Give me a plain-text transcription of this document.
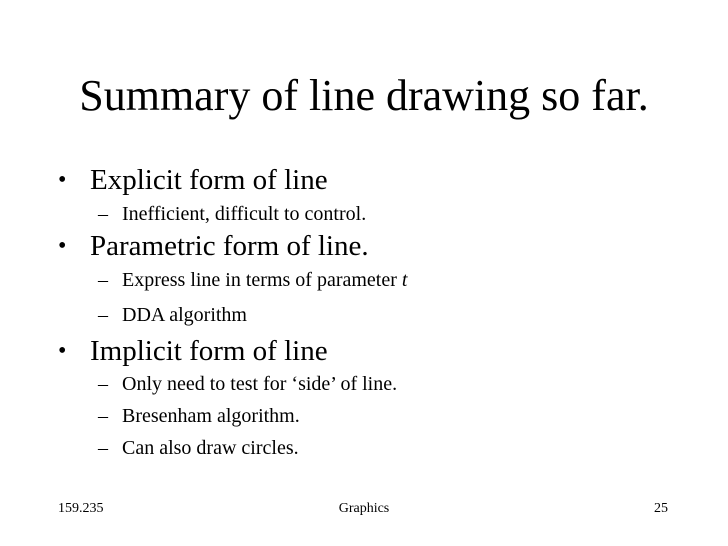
Summary of line drawing so far.
• Explicit form of line
– Inefficient, difficult to control.
• Parametric form of line.
– Express line in terms of parameter t
– DDA algorithm
• Implicit form of line
– Only need to test for ‘side’ of line.
– Bresenham algorithm.
– Can also draw circles.
159.235	Graphics	25
